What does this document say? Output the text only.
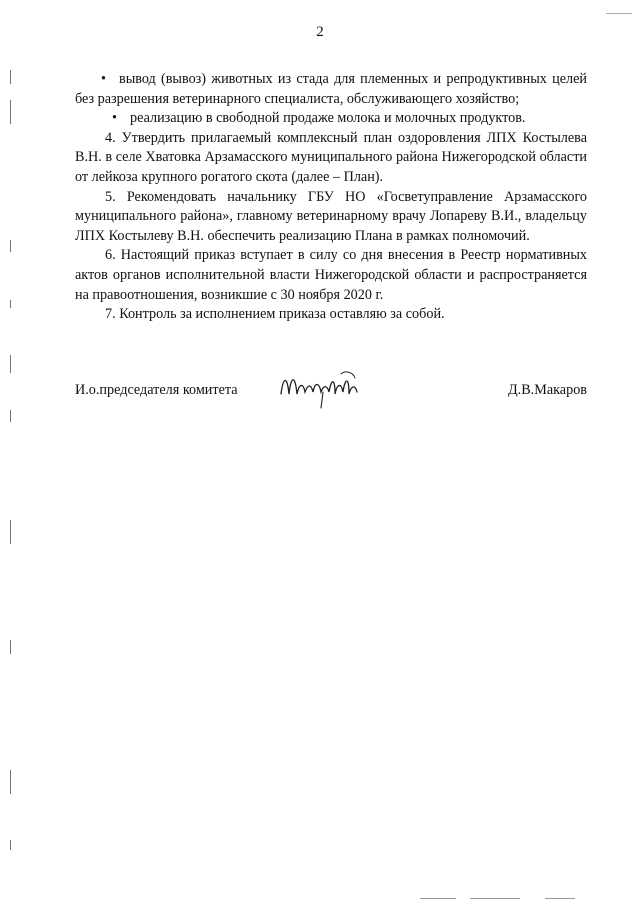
2

• вывод (вывоз) животных из стада для племенных и репродуктивных целей без разрешения ветеринарного специалиста, обслуживающего хозяйство;

• реализацию в свободной продаже молока и молочных продуктов.

4. Утвердить прилагаемый комплексный план оздоровления ЛПХ Костылева В.Н. в селе Хватовка Арзамасского муниципального района Нижегородской области от лейкоза крупного рогатого скота (далее – План).

5. Рекомендовать начальнику ГБУ НО «Госветуправление Арзамасского муниципального района», главному ветеринарному врачу Лопареву В.И., владельцу ЛПХ Костылеву В.Н. обеспечить реализацию Плана в рамках полномочий.

6. Настоящий приказ вступает в силу со дня внесения в Реестр нормативных актов органов исполнительной власти Нижегородской области и распространяется на правоотношения, возникшие с 30 ноября 2020 г.

7. Контроль за исполнением приказа оставляю за собой.

И.о.председателя комитета	Д.В.Макаров
